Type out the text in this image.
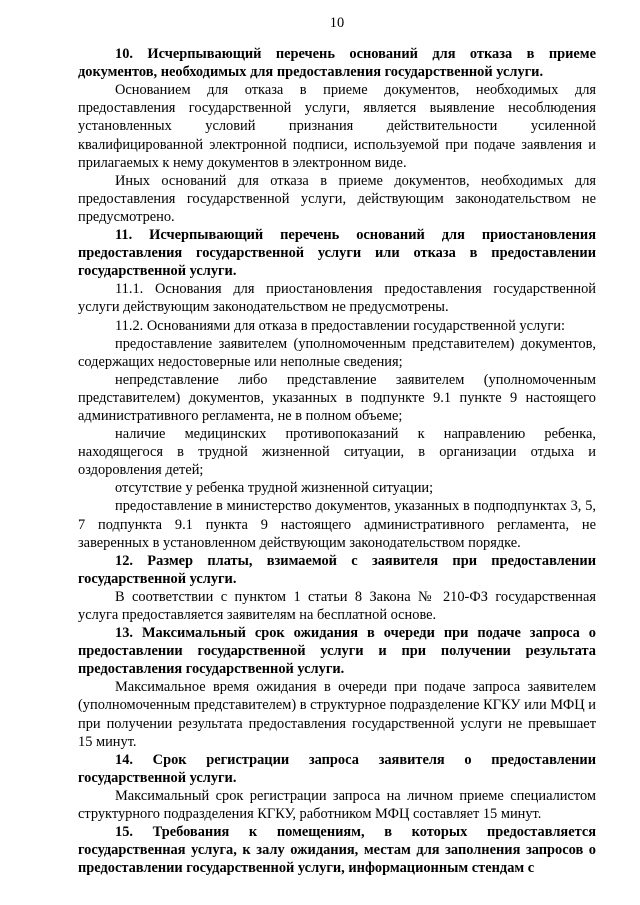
10

10. Исчерпывающий перечень оснований для отказа в приеме документов, необходимых для предоставления государственной услуги.

Основанием для отказа в приеме документов, необходимых для предоставления государственной услуги, является выявление несоблюдения установленных условий признания действительности усиленной квалифицированной электронной подписи, используемой при подаче заявления и прилагаемых к нему документов в электронном виде.

Иных оснований для отказа в приеме документов, необходимых для предоставления государственной услуги, действующим законодательством не предусмотрено.

11. Исчерпывающий перечень оснований для приостановления предоставления государственной услуги или отказа в предоставлении государственной услуги.

11.1. Основания для приостановления предоставления государственной услуги действующим законодательством не предусмотрены.

11.2. Основаниями для отказа в предоставлении государственной услуги:

предоставление заявителем (уполномоченным представителем) документов, содержащих недостоверные или неполные сведения;

непредставление либо представление заявителем (уполномоченным представителем) документов, указанных в подпункте 9.1 пункте 9 настоящего административного регламента, не в полном объеме;

наличие медицинских противопоказаний к направлению ребенка, находящегося в трудной жизненной ситуации, в организации отдыха и оздоровления детей;

отсутствие у ребенка трудной жизненной ситуации;

предоставление в министерство документов, указанных в подподпунктах 3, 5, 7 подпункта 9.1 пункта 9 настоящего административного регламента, не заверенных в установленном действующим законодательством порядке.

12. Размер платы, взимаемой с заявителя при предоставлении государственной услуги.

В соответствии с пунктом 1 статьи 8 Закона № 210-ФЗ государственная услуга предоставляется заявителям на бесплатной основе.

13. Максимальный срок ожидания в очереди при подаче запроса о предоставлении государственной услуги и при получении результата предоставления государственной услуги.

Максимальное время ожидания в очереди при подаче запроса заявителем (уполномоченным представителем) в структурное подразделение КГКУ или МФЦ и при получении результата предоставления государственной услуги не превышает 15 минут.

14. Срок регистрации запроса заявителя о предоставлении государственной услуги.

Максимальный срок регистрации запроса на личном приеме специалистом структурного подразделения КГКУ, работником МФЦ составляет 15 минут.

15. Требования к помещениям, в которых предоставляется государственная услуга, к залу ожидания, местам для заполнения запросов о предоставлении государственной услуги, информационным стендам с
